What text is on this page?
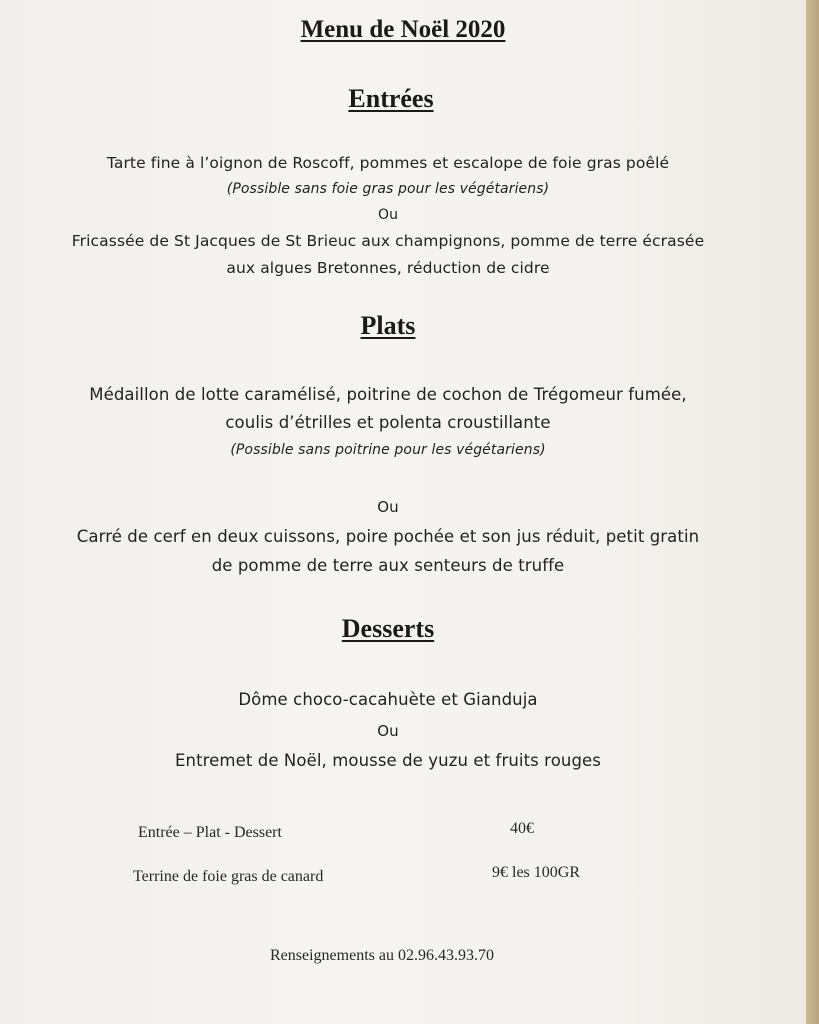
Menu de Noël 2020
Entrées
Tarte fine à l’oignon de Roscoff, pommes et escalope de foie gras poêlé
(Possible sans foie gras pour les végétariens)
Ou
Fricassée de St Jacques de St Brieuc aux champignons, pomme de terre écrasée
aux algues Bretonnes, réduction de cidre
Plats
Médaillon de lotte caramélisé, poitrine de cochon de Trégomeur fumée,
coulis d’étrilles et polenta croustillante
(Possible sans poitrine pour les végétariens)
Ou
Carré de cerf en deux cuissons, poire pochée et son jus réduit, petit gratin
de pomme de terre aux senteurs de truffe
Desserts
Dôme choco-cacahuète et Gianduja
Ou
Entremet de Noël, mousse de yuzu et fruits rouges
Entrée – Plat - Dessert	40€
Terrine de foie gras de canard	9€ les 100GR
Renseignements au 02.96.43.93.70
